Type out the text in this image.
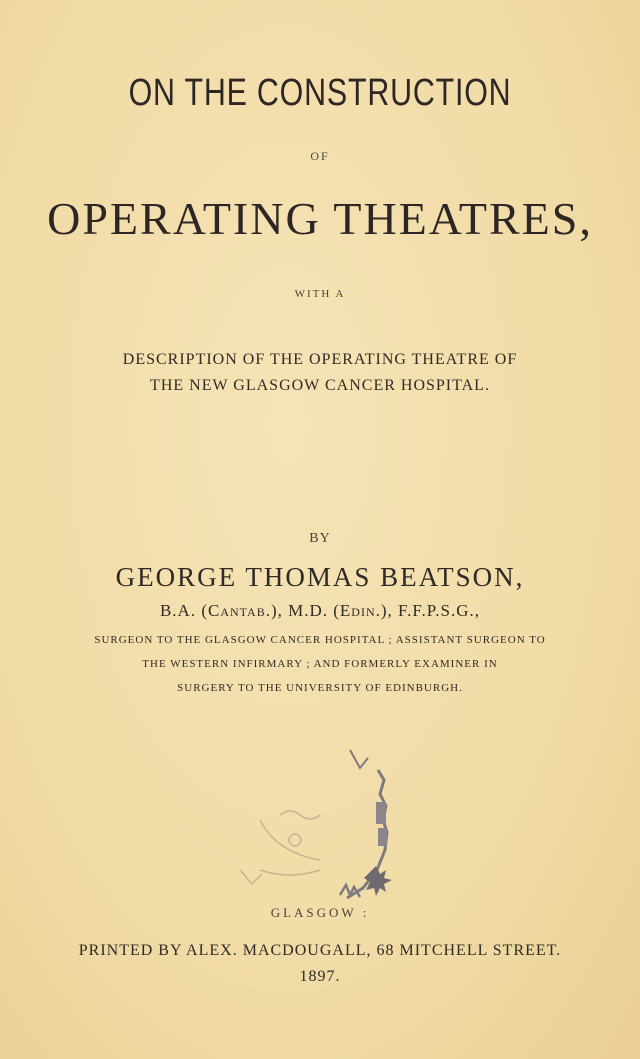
ON THE CONSTRUCTION
OF
OPERATING THEATRES,
WITH A
DESCRIPTION OF THE OPERATING THEATRE OF
THE NEW GLASGOW CANCER HOSPITAL.
BY
GEORGE THOMAS BEATSON,
B.A. (Cantab.), M.D. (Edin.), F.F.P.S.G.,
SURGEON TO THE GLASGOW CANCER HOSPITAL ; ASSISTANT SURGEON TO
THE WESTERN INFIRMARY ; AND FORMERLY EXAMINER IN
SURGERY TO THE UNIVERSITY OF EDINBURGH.
GLASGOW :
PRINTED BY ALEX. MACDOUGALL, 68 MITCHELL STREET.
1897.
